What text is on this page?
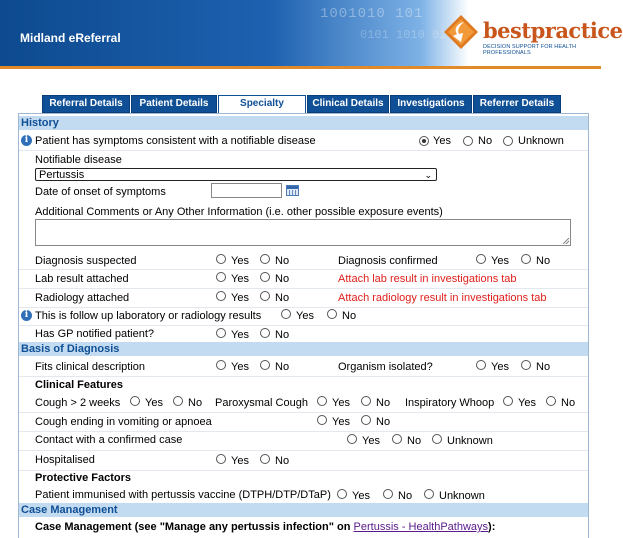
1001010 101
0101 1010 01
Midland eReferral	bestpractice
DECISION SUPPORT FOR HEALTH PROFESSIONALS
Referral Details	Patient Details	Specialty	Clinical Details	Investigations	Referrer Details
History
i Patient has symptoms consistent with a notifiable disease	Yes No Unknown
Notifiable disease
Pertussis	⌄
Date of onset of symptoms
Additional Comments or Any Other Information (i.e. other possible exposure events)
Diagnosis suspected	Yes No	Diagnosis confirmed	Yes No
Lab result attached	Yes No	Attach lab result in investigations tab
Radiology attached	Yes No	Attach radiology result in investigations tab
i This is follow up laboratory or radiology results	Yes	No
Has GP notified patient?	Yes No
Basis of Diagnosis
Fits clinical description	Yes No	Organism isolated?	Yes No
Clinical Features
Cough > 2 weeks Yes No Paroxysmal Cough Yes No Inspiratory Whoop Yes No
Cough ending in vomiting or apnoea	Yes No
Contact with a confirmed case	Yes No Unknown
Hospitalised	Yes No
Protective Factors
Patient immunised with pertussis vaccine (DTPH/DTP/DTaP) Yes	No Unknown
Case Management
Case Management (see "Manage any pertussis infection" on Pertussis - HealthPathways):
